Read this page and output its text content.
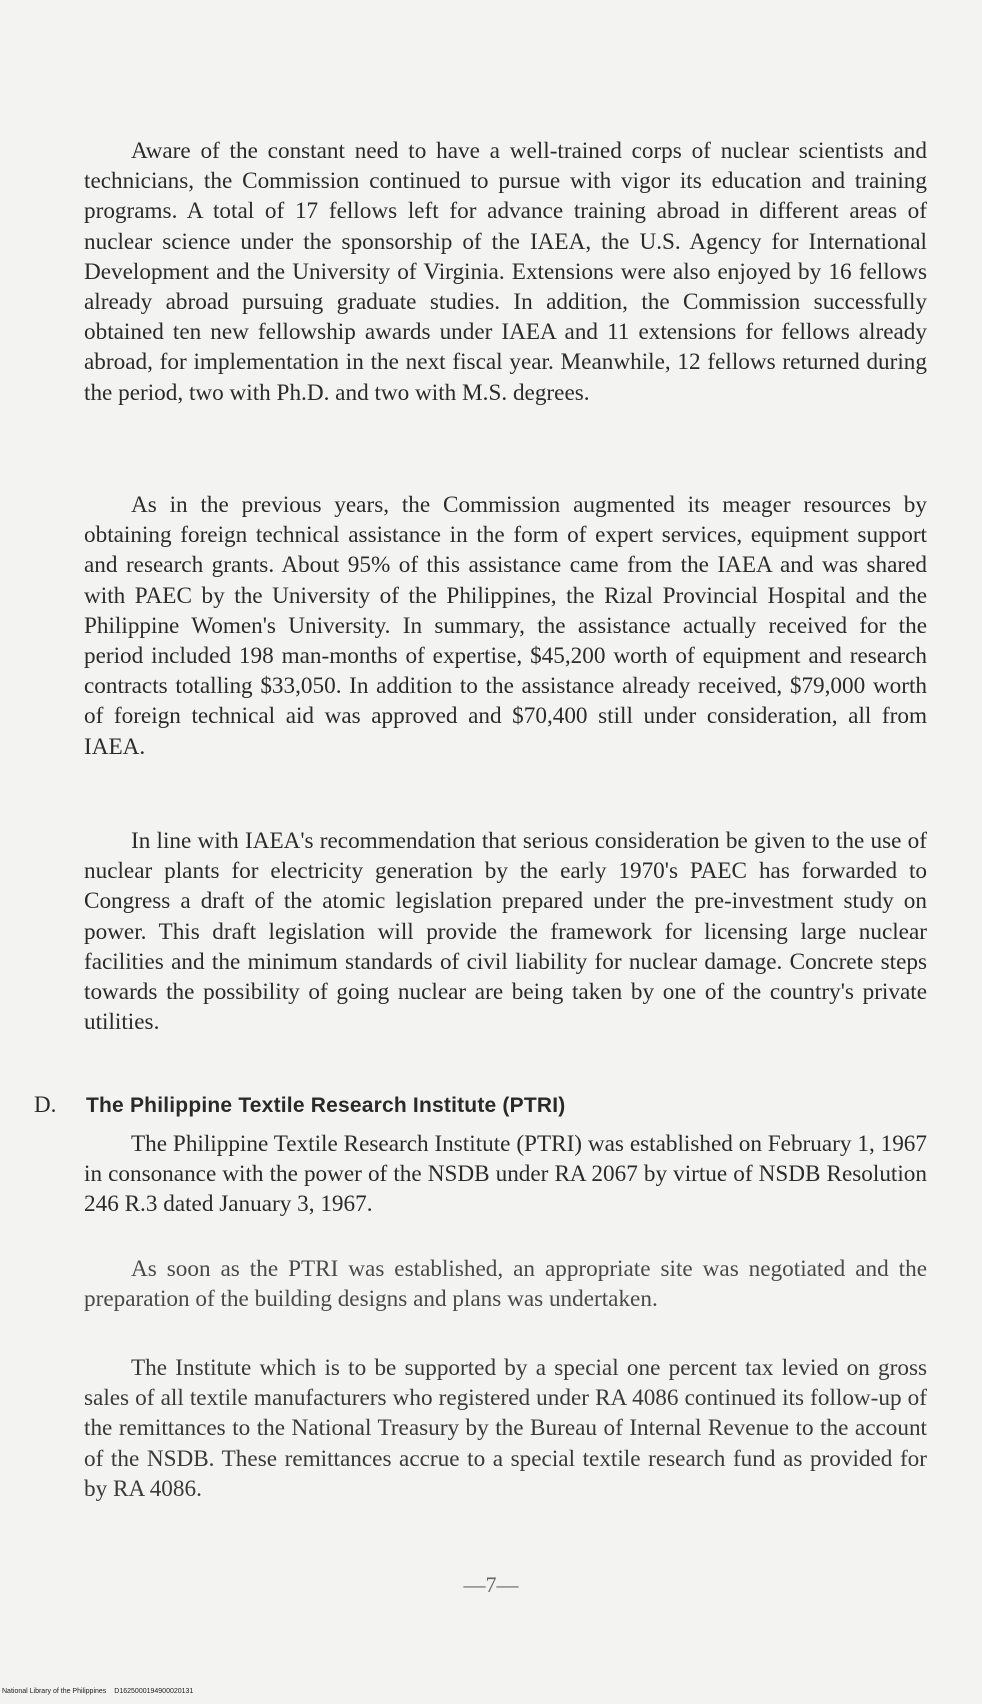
Aware of the constant need to have a well-trained corps of nuclear scientists and technicians, the Commission continued to pursue with vigor its education and training programs. A total of 17 fellows left for advance training abroad in different areas of nuclear science under the sponsorship of the IAEA, the U.S. Agency for International Development and the University of Virginia. Extensions were also enjoyed by 16 fellows already abroad pursuing graduate studies. In addition, the Commission successfully obtained ten new fellowship awards under IAEA and 11 extensions for fellows already abroad, for implementation in the next fiscal year. Meanwhile, 12 fellows returned during the period, two with Ph.D. and two with M.S. degrees.

As in the previous years, the Commission augmented its meager resources by obtaining foreign technical assistance in the form of expert services, equipment support and research grants. About 95% of this assistance came from the IAEA and was shared with PAEC by the University of the Philippines, the Rizal Provincial Hospital and the Philippine Women's University. In summary, the assistance actually received for the period included 198 man-months of expertise, $45,200 worth of equipment and research contracts totalling $33,050. In addition to the assistance already received, $79,000 worth of foreign technical aid was approved and $70,400 still under consideration, all from IAEA.

In line with IAEA's recommendation that serious consideration be given to the use of nuclear plants for electricity generation by the early 1970's PAEC has forwarded to Congress a draft of the atomic legislation prepared under the pre-investment study on power. This draft legislation will provide the framework for licensing large nuclear facilities and the minimum standards of civil liability for nuclear damage. Concrete steps towards the possibility of going nuclear are being taken by one of the country's private utilities.

D. The Philippine Textile Research Institute (PTRI)

The Philippine Textile Research Institute (PTRI) was established on February 1, 1967 in consonance with the power of the NSDB under RA 2067 by virtue of NSDB Resolution 246 R.3 dated January 3, 1967.

As soon as the PTRI was established, an appropriate site was negotiated and the preparation of the building designs and plans was undertaken.

The Institute which is to be supported by a special one percent tax levied on gross sales of all textile manufacturers who registered under RA 4086 continued its follow-up of the remittances to the National Treasury by the Bureau of Internal Revenue to the account of the NSDB. These remittances accrue to a special textile research fund as provided for by RA 4086.

—7—
National Library of the Philippines D1625000194900020131
